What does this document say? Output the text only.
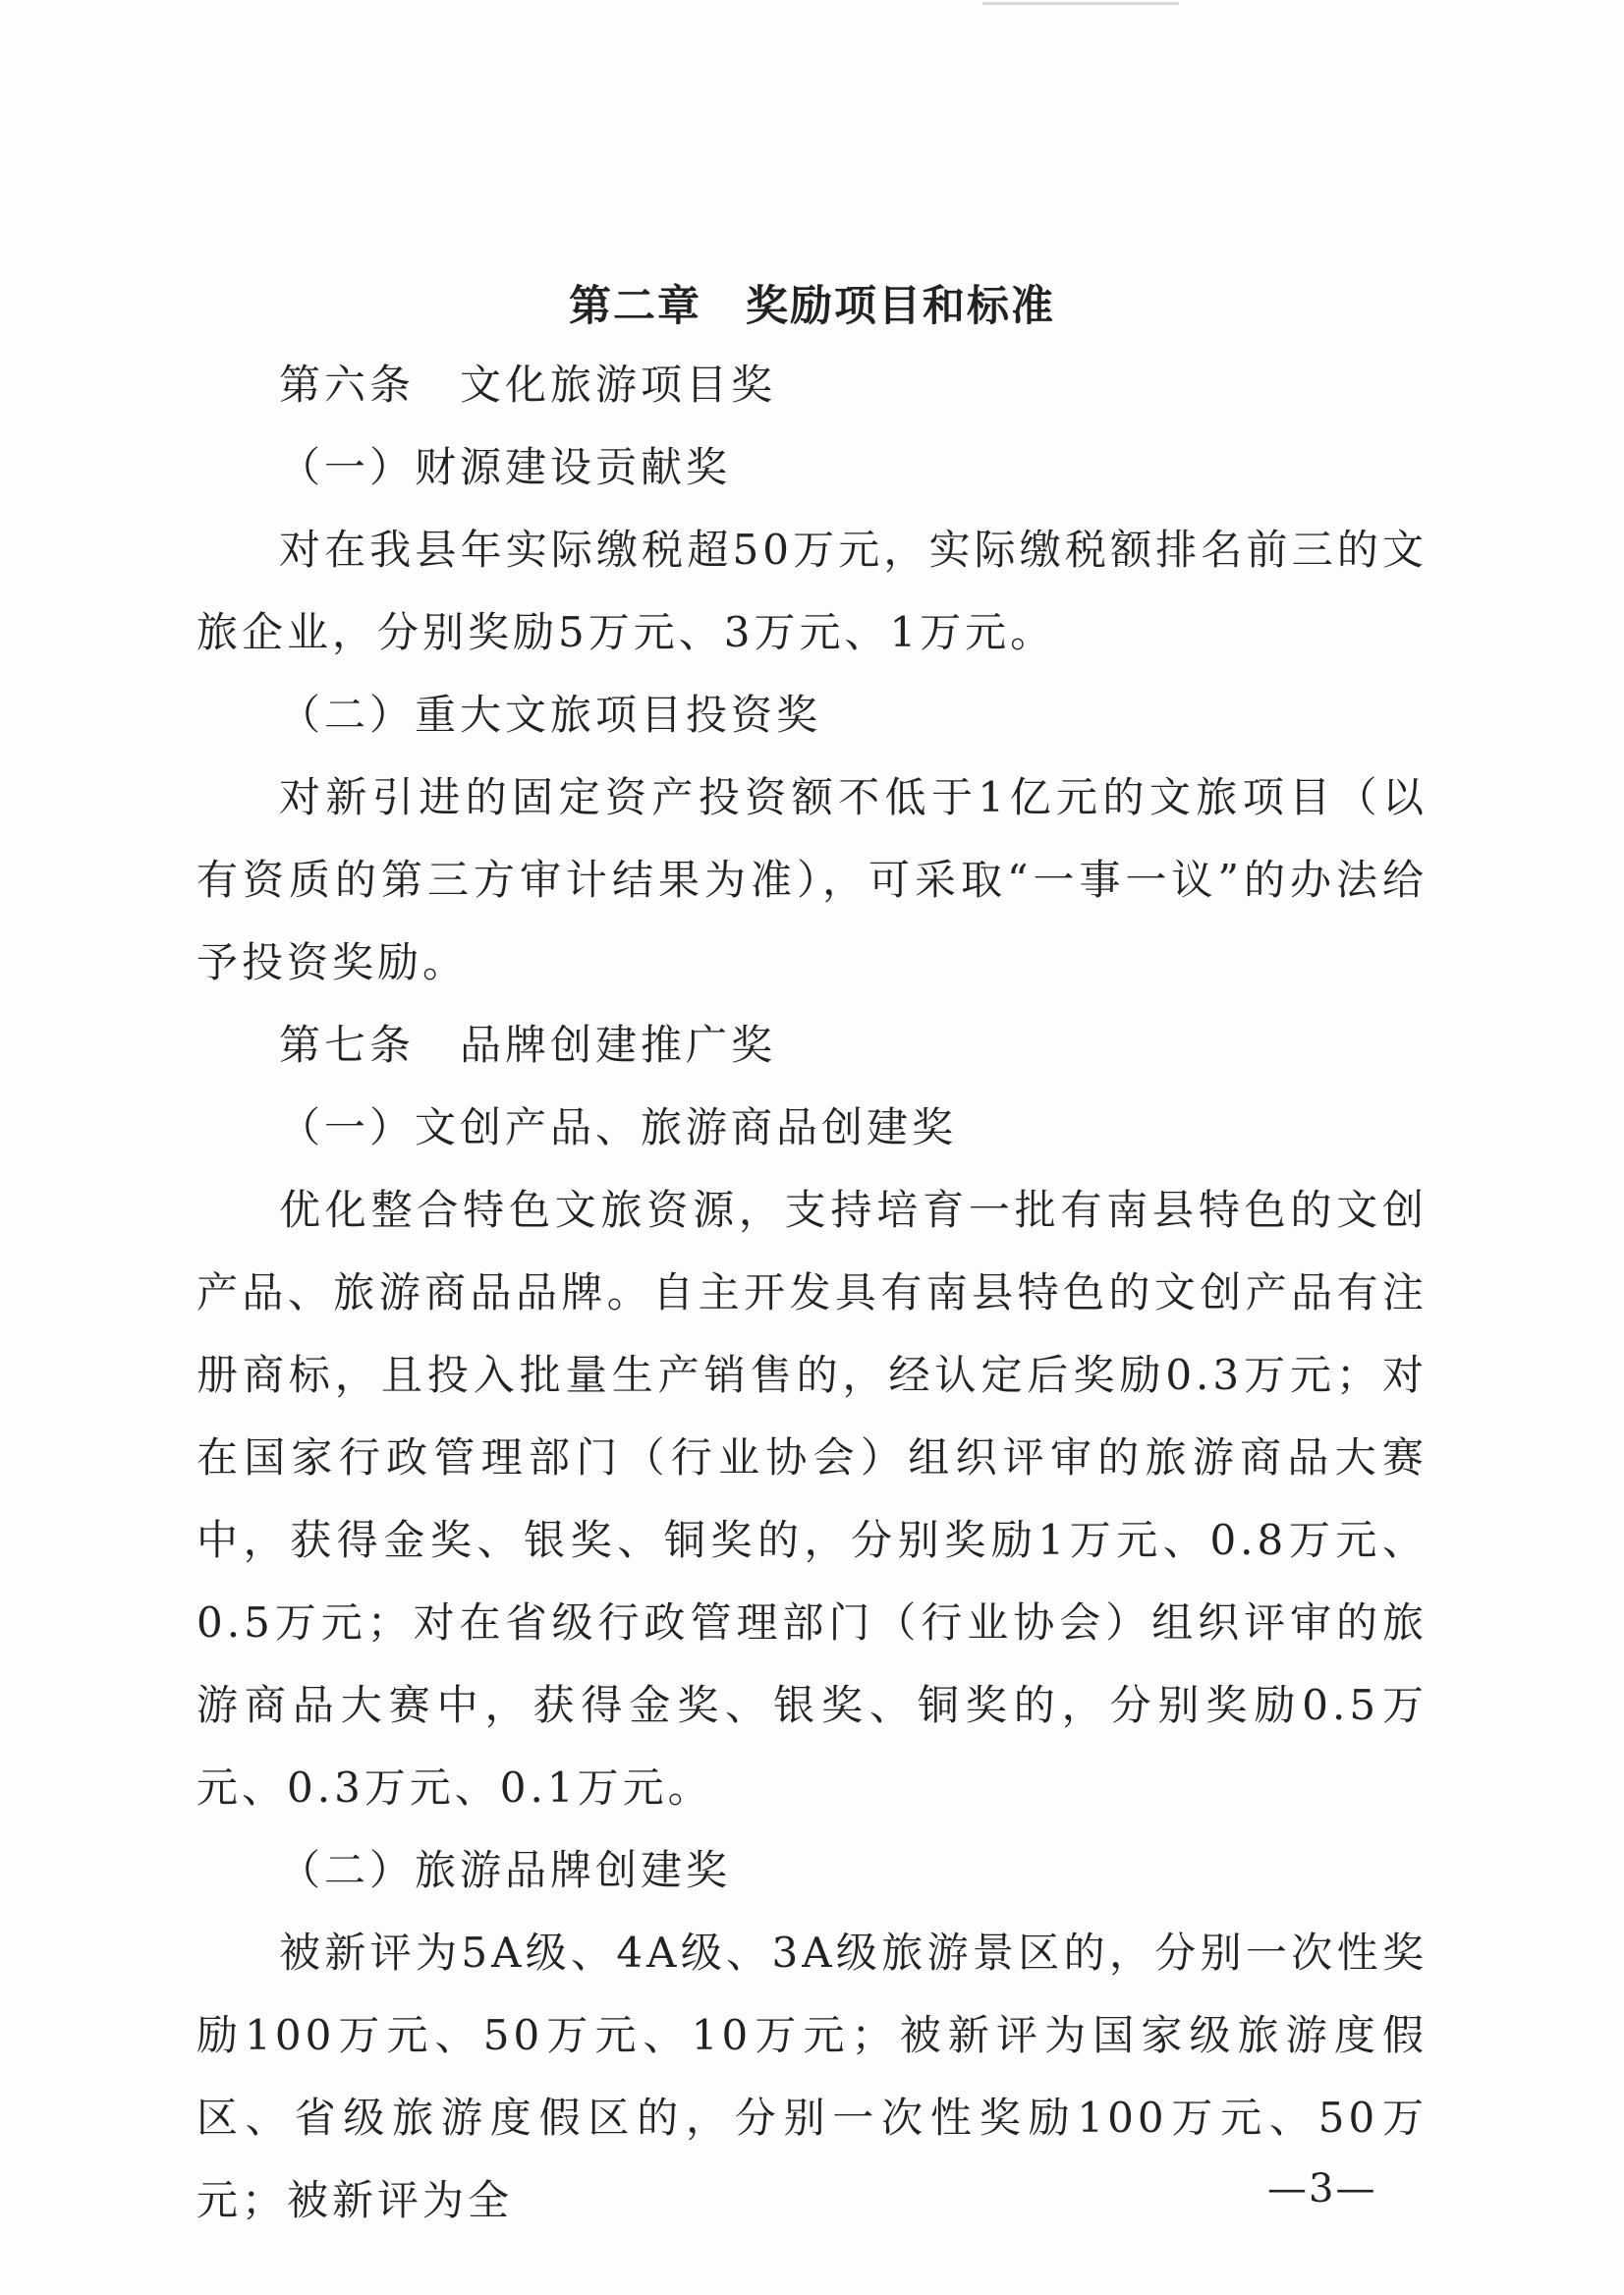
第二章　奖励项目和标准

第六条　文化旅游项目奖

（一）财源建设贡献奖

对在我县年实际缴税超50万元，实际缴税额排名前三的文旅企业，分别奖励5万元、3万元、1万元。

（二）重大文旅项目投资奖

对新引进的固定资产投资额不低于1亿元的文旅项目（以有资质的第三方审计结果为准），可采取“一事一议”的办法给予投资奖励。

第七条　品牌创建推广奖

（一）文创产品、旅游商品创建奖

优化整合特色文旅资源，支持培育一批有南县特色的文创产品、旅游商品品牌。自主开发具有南县特色的文创产品有注册商标，且投入批量生产销售的，经认定后奖励0.3万元；对在国家行政管理部门（行业协会）组织评审的旅游商品大赛中，获得金奖、银奖、铜奖的，分别奖励1万元、0.8万元、0.5万元；对在省级行政管理部门（行业协会）组织评审的旅游商品大赛中，获得金奖、银奖、铜奖的，分别奖励0.5万元、0.3万元、0.1万元。

（二）旅游品牌创建奖

被新评为5A级、4A级、3A级旅游景区的，分别一次性奖励100万元、50万元、10万元；被新评为国家级旅游度假区、省级旅游度假区的，分别一次性奖励100万元、50万元；被新评为全	—3—
